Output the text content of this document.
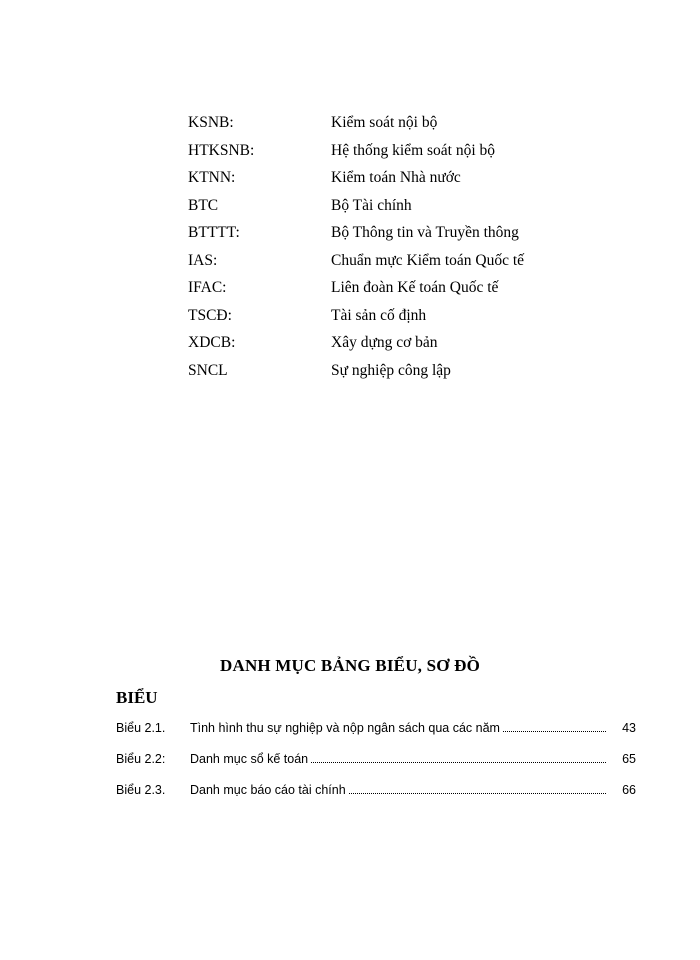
KSNB:	Kiểm soát nội bộ
HTKSNB:	Hệ thống kiểm soát nội bộ
KTNN:	Kiểm toán Nhà nước
BTC	Bộ Tài chính
BTTTT:	Bộ Thông tin và Truyền thông
IAS:	Chuẩn mực Kiểm toán Quốc tế
IFAC:	Liên đoàn Kế toán Quốc tế
TSCĐ:	Tài sản cố định
XDCB:	Xây dựng cơ bản
SNCL	Sự nghiệp công lập
DANH MỤC BẢNG BIỂU, SƠ ĐỒ
BIỂU
Biểu 2.1. Tình hình thu sự nghiệp và nộp ngân sách qua các năm	43
Biểu 2.2: Danh mục sổ kế toán	65
Biểu 2.3. Danh mục báo cáo tài chính	66
